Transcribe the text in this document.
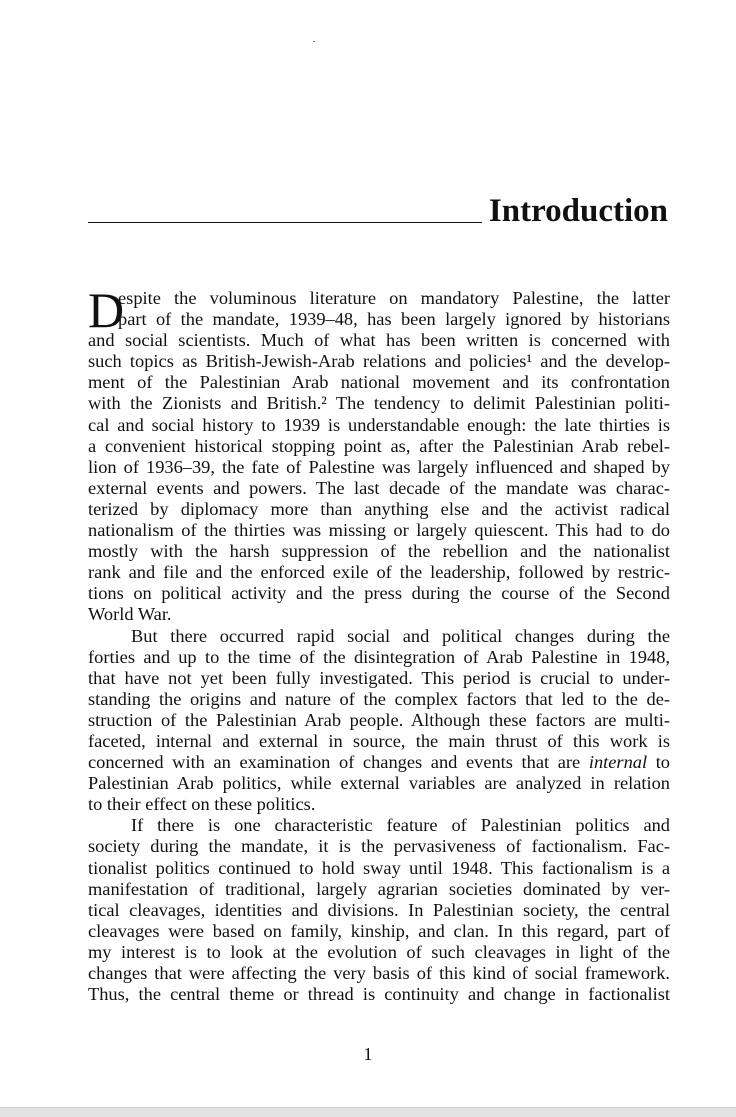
Introduction
D
espite the voluminous literature on mandatory Palestine, the latter
part of the mandate, 1939–48, has been largely ignored by historians
and social scientists. Much of what has been written is concerned with
such topics as British-Jewish-Arab relations and policies¹ and the develop-
ment of the Palestinian Arab national movement and its confrontation
with the Zionists and British.² The tendency to delimit Palestinian politi-
cal and social history to 1939 is understandable enough: the late thirties is
a convenient historical stopping point as, after the Palestinian Arab rebel-
lion of 1936–39, the fate of Palestine was largely influenced and shaped by
external events and powers. The last decade of the mandate was charac-
terized by diplomacy more than anything else and the activist radical
nationalism of the thirties was missing or largely quiescent. This had to do
mostly with the harsh suppression of the rebellion and the nationalist
rank and file and the enforced exile of the leadership, followed by restric-
tions on political activity and the press during the course of the Second
World War.
But there occurred rapid social and political changes during the
forties and up to the time of the disintegration of Arab Palestine in 1948,
that have not yet been fully investigated. This period is crucial to under-
standing the origins and nature of the complex factors that led to the de-
struction of the Palestinian Arab people. Although these factors are multi-
faceted, internal and external in source, the main thrust of this work is
concerned with an examination of changes and events that are internal to
Palestinian Arab politics, while external variables are analyzed in relation
to their effect on these politics.
If there is one characteristic feature of Palestinian politics and
society during the mandate, it is the pervasiveness of factionalism. Fac-
tionalist politics continued to hold sway until 1948. This factionalism is a
manifestation of traditional, largely agrarian societies dominated by ver-
tical cleavages, identities and divisions. In Palestinian society, the central
cleavages were based on family, kinship, and clan. In this regard, part of
my interest is to look at the evolution of such cleavages in light of the
changes that were affecting the very basis of this kind of social framework.
Thus, the central theme or thread is continuity and change in factionalist
1
